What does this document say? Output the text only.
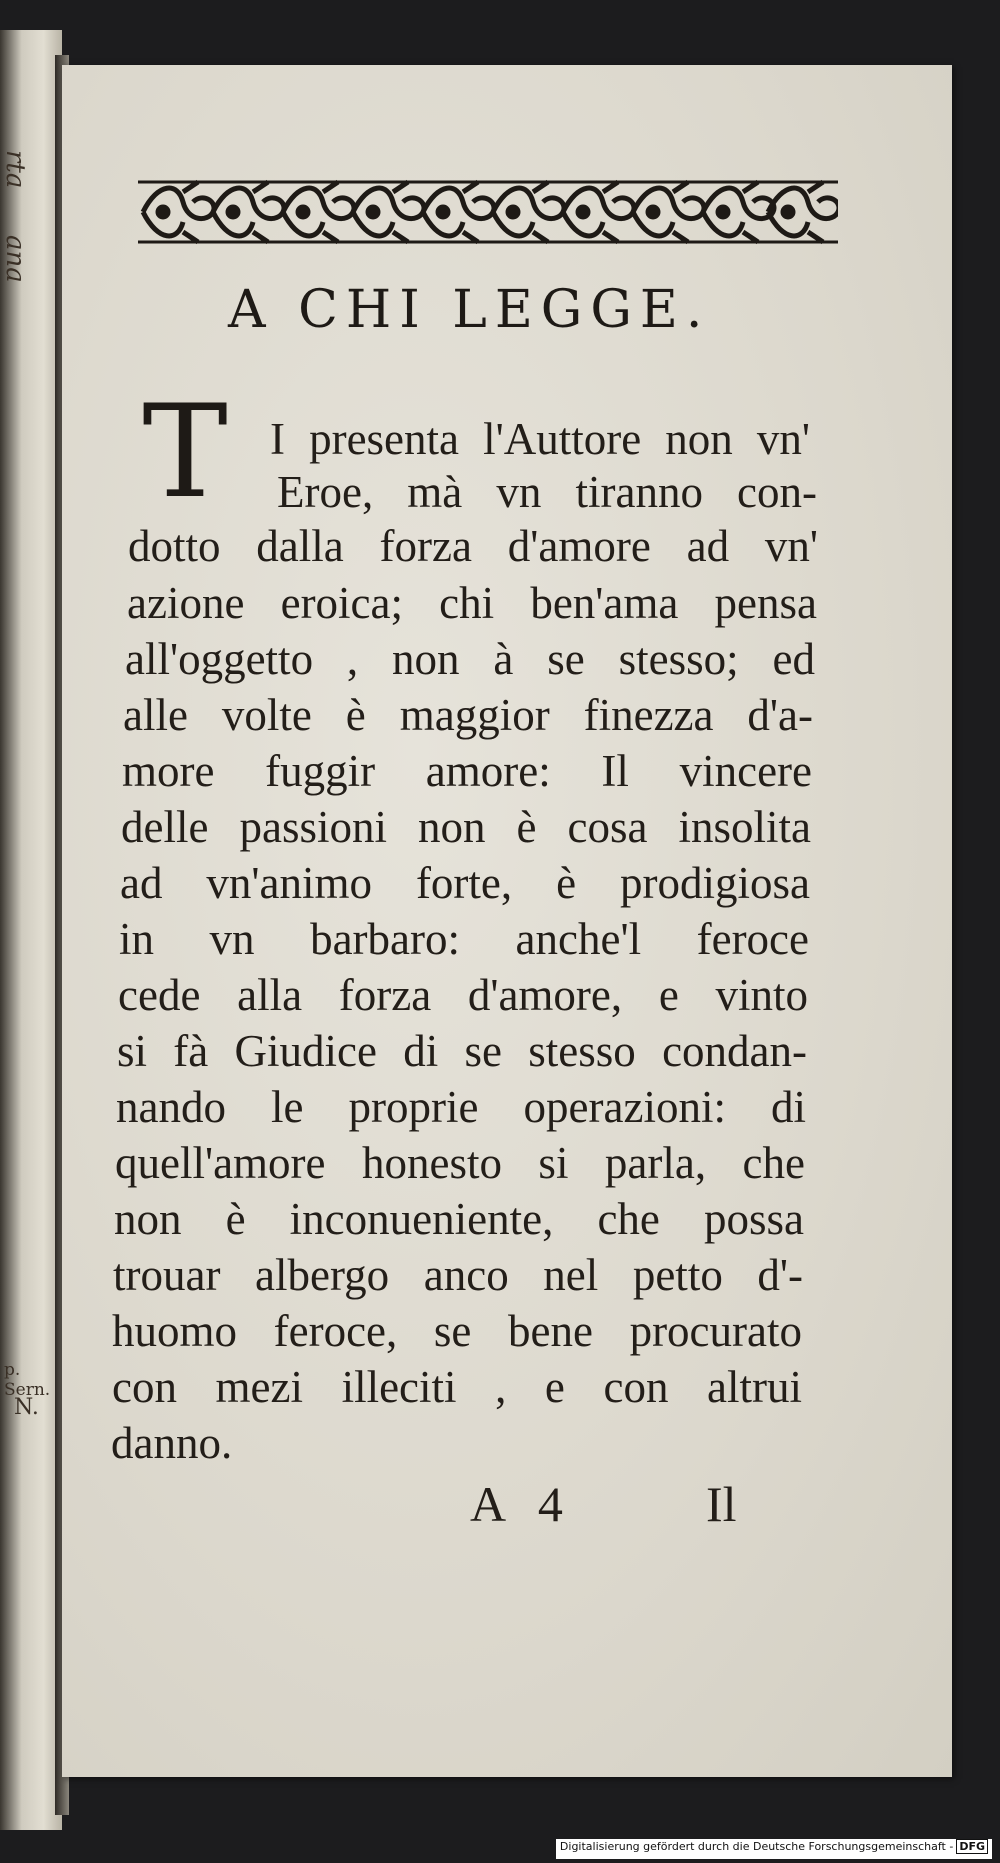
rta
ana
p. Sern.
N.
A CHI LEGGE.
T I presenta l'Auttore non vn'
Eroe, mà vn tiranno con-
dotto dalla forza d'amore ad vn'
azione eroica; chi ben'ama pensa
all'oggetto , non à se stesso; ed
alle volte è maggior finezza d'a-
more fuggir amore: Il vincere
delle passioni non è cosa insolita
ad vn'animo forte, è prodigiosa
in vn barbaro: anche'l feroce
cede alla forza d'amore, e vinto
si fà Giudice di se stesso condan-
nando le proprie operazioni: di
quell'amore honesto si parla, che
non è inconueniente, che possa
trouar albergo anco nel petto d'-
huomo feroce, se bene procurato
con mezi illeciti , e con altrui
danno.
A 4	Il
Digitalisierung gefördert durch die Deutsche Forschungsgemeinschaft - DFG
